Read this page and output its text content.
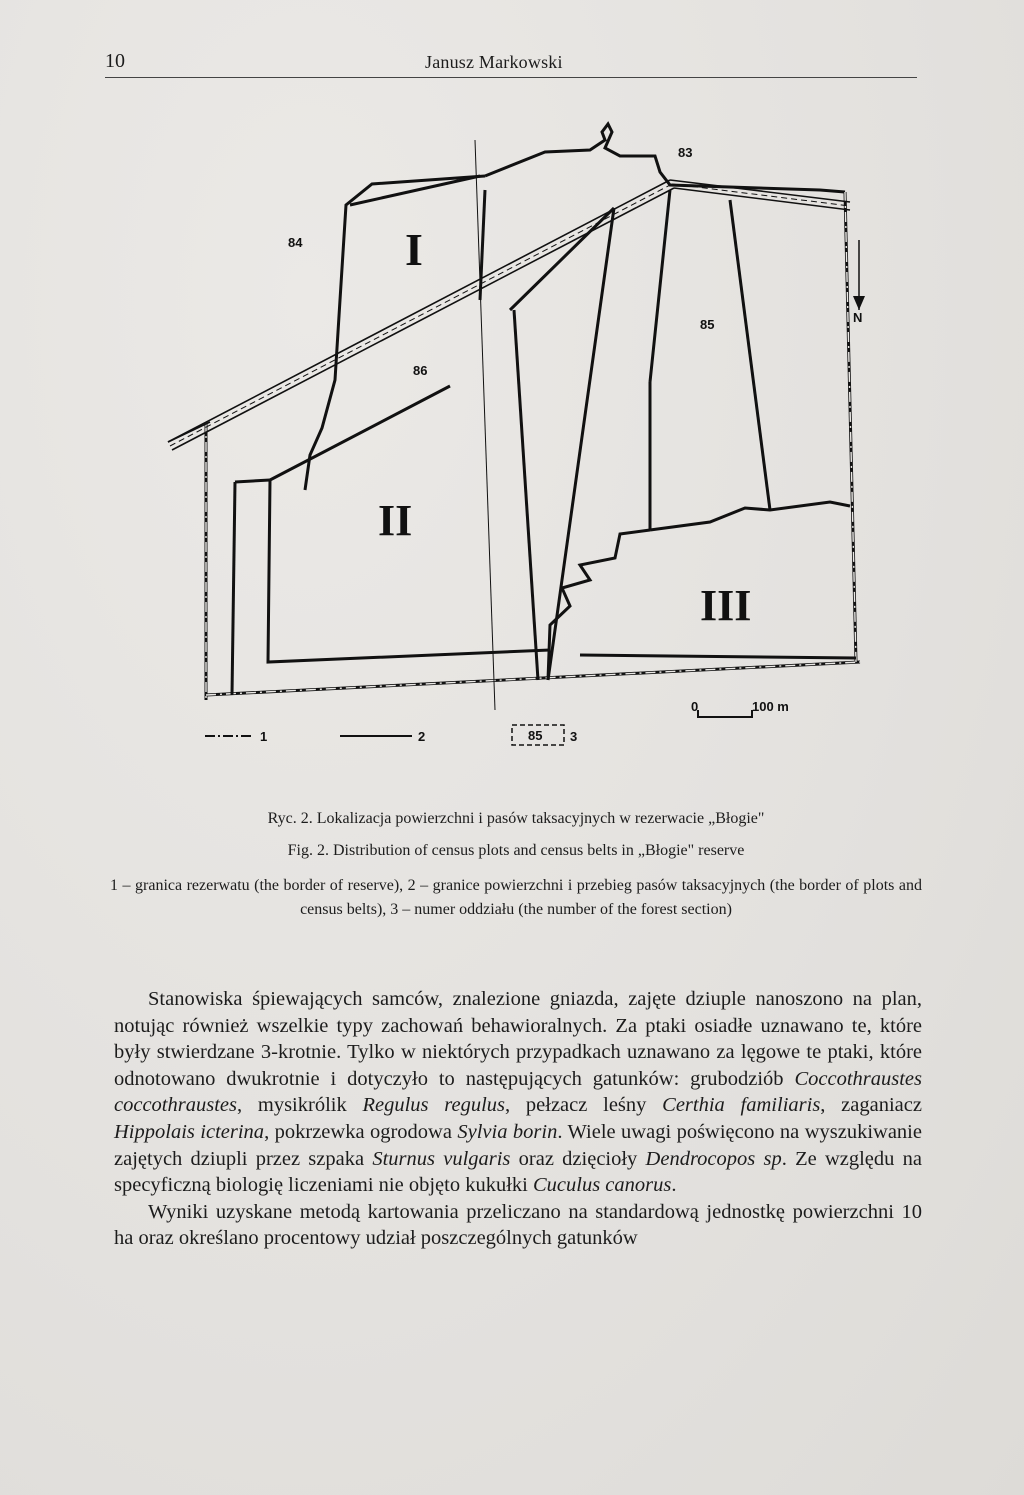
10	Janusz Markowski
84
83
85
86
I
II
III
N
0	100 m
1	2	85 3
Ryc. 2. Lokalizacja powierzchni i pasów taksacyjnych w rezerwacie „Błogie"
Fig. 2. Distribution of census plots and census belts in „Błogie" reserve
1 – granica rezerwatu (the border of reserve), 2 – granice powierzchni i przebieg pasów taksacyjnych (the border of plots and census belts), 3 – numer oddziału (the number of the forest section)

Stanowiska śpiewających samców, znalezione gniazda, zajęte dziuple nanoszono na plan, notując również wszelkie typy zachowań behawioralnych. Za ptaki osiadłe uznawano te, które były stwierdzane 3-krotnie. Tylko w niektórych przypadkach uznawano za lęgowe te ptaki, które odnotowano dwukrotnie i dotyczyło to następujących gatunków: grubodziób Coccothraustes coccothraustes, mysikrólik Regulus regulus, pełzacz leśny Certhia familiaris, zaganiacz Hippolais icterina, pokrzewka ogrodowa Sylvia borin. Wiele uwagi poświęcono na wyszukiwanie zajętych dziupli przez szpaka Sturnus vulgaris oraz dzięcioły Dendrocopos sp. Ze względu na specyficzną biologię liczeniami nie objęto kukułki Cuculus canorus.

Wyniki uzyskane metodą kartowania przeliczano na standardową jednostkę powierzchni 10 ha oraz określano procentowy udział poszczególnych gatunków
